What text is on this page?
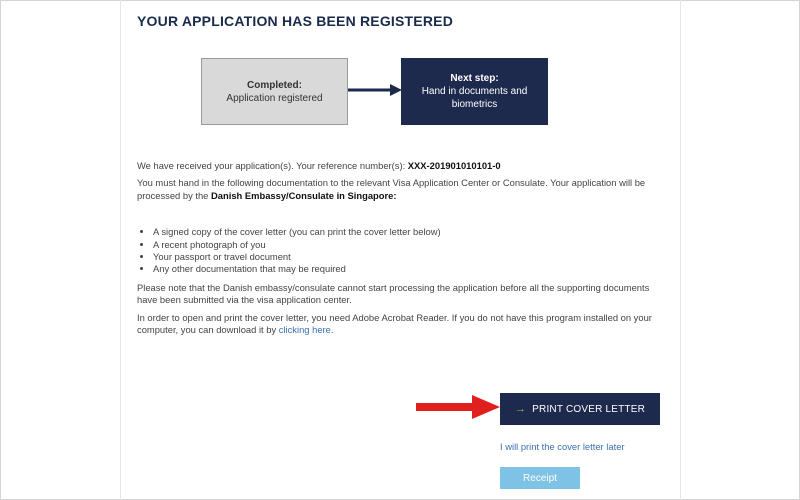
YOUR APPLICATION HAS BEEN REGISTERED
Completed:
Application registered
Next step:
Hand in documents and biometrics

We have received your application(s). Your reference number(s): XXX-201901010101-0

You must hand in the following documentation to the relevant Visa Application Center or Consulate. Your application will be processed by the Danish Embassy/Consulate in Singapore:

• A signed copy of the cover letter (you can print the cover letter below)
• A recent photograph of you
• Your passport or travel document
• Any other documentation that may be required

Please note that the Danish embassy/consulate cannot start processing the application before all the supporting documents have been submitted via the visa application center.

In order to open and print the cover letter, you need Adobe Acrobat Reader. If you do not have this program installed on your computer, you can download it by clicking here.

→ PRINT COVER LETTER
I will print the cover letter later
Receipt
